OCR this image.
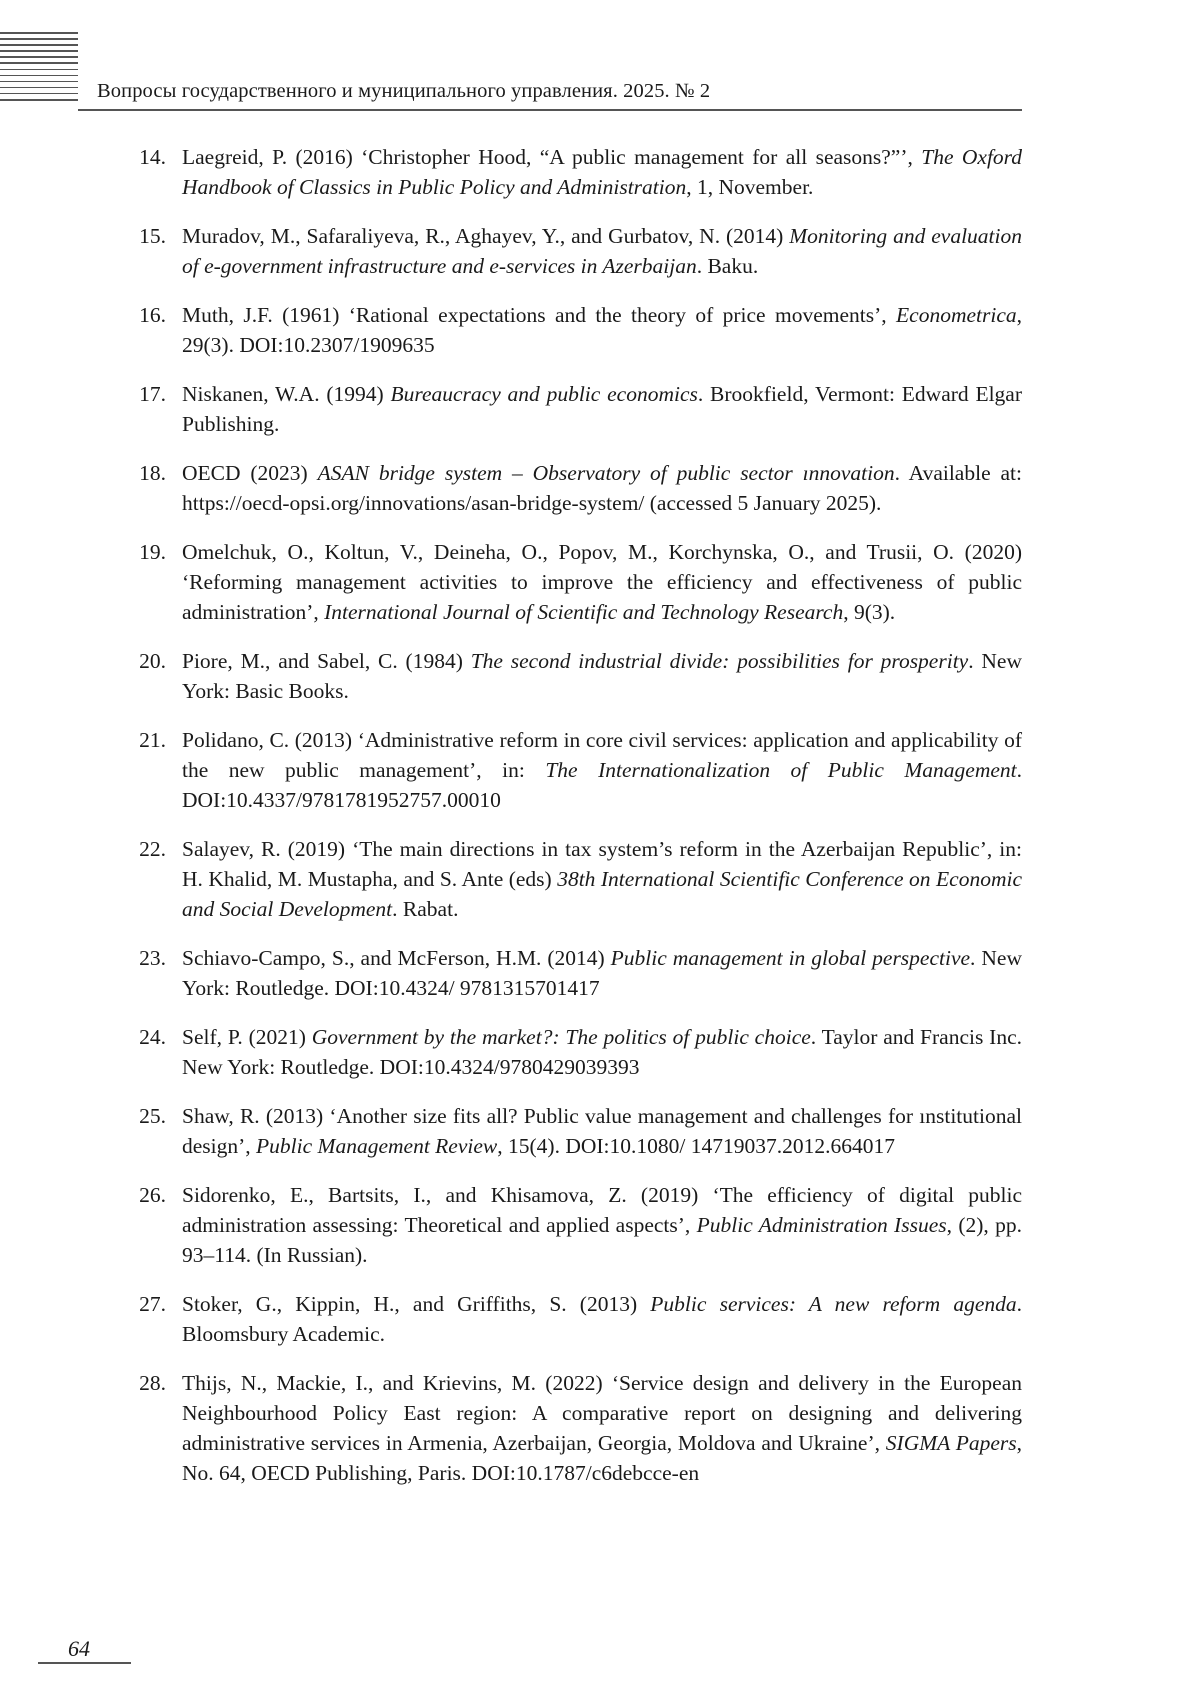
Вопросы государственного и муниципального управления. 2025. № 2
14. Laegreid, P. (2016) ‘Christopher Hood, “A public management for all seasons?”’, The Oxford Handbook of Classics in Public Policy and Administration, 1, November.
15. Muradov, M., Safaraliyeva, R., Aghayev, Y., and Gurbatov, N. (2014) Monitoring and evaluation of e-government infrastructure and e-services in Azerbaijan. Baku.
16. Muth, J.F. (1961) ‘Rational expectations and the theory of price movements’, Econometrica, 29(3). DOI:10.2307/1909635
17. Niskanen, W.A. (1994) Bureaucracy and public economics. Brookfield, Vermont: Edward Elgar Publishing.
18. OECD (2023) ASAN bridge system – Observatory of public sector ınnovation. Available at: https://oecd-opsi.org/innovations/asan-bridge-system/ (accessed 5 January 2025).
19. Omelchuk, O., Koltun, V., Deineha, O., Popov, M., Korchynska, O., and Trusii, O. (2020) ‘Reforming management activities to improve the efficiency and effectiveness of public administration’, International Journal of Scientific and Technology Research, 9(3).
20. Piore, M., and Sabel, C. (1984) The second industrial divide: possibilities for prosperity. New York: Basic Books.
21. Polidano, C. (2013) ‘Administrative reform in core civil services: application and applicability of the new public management’, in: The Internationalization of Public Management. DOI:10.4337/9781781952757.00010
22. Salayev, R. (2019) ‘The main directions in tax system’s reform in the Azerbaijan Republic’, in: H. Khalid, M. Mustapha, and S. Ante (eds) 38th International Scientific Conference on Economic and Social Development. Rabat.
23. Schiavo-Campo, S., and McFerson, H.M. (2014) Public management in global perspective. New York: Routledge. DOI:10.4324/ 9781315701417
24. Self, P. (2021) Government by the market?: The politics of public choice. Taylor and Francis Inc. New York: Routledge. DOI:10.4324/9780429039393
25. Shaw, R. (2013) ‘Another size fits all? Public value management and challenges for ınstitutional design’, Public Management Review, 15(4). DOI:10.1080/ 14719037.2012.664017
26. Sidorenko, E., Bartsits, I., and Khisamova, Z. (2019) ‘The efficiency of digital public administration assessing: Theoretical and applied aspects’, Public Administration Issues, (2), pp. 93–114. (In Russian).
27. Stoker, G., Kippin, H., and Griffiths, S. (2013) Public services: A new reform agenda. Bloomsbury Academic.
28. Thijs, N., Mackie, I., and Krievins, M. (2022) ‘Service design and delivery in the European Neighbourhood Policy East region: A comparative report on designing and delivering administrative services in Armenia, Azerbaijan, Georgia, Moldova and Ukraine’, SIGMA Papers, No. 64, OECD Publishing, Paris. DOI:10.1787/c6debcce-en
64
